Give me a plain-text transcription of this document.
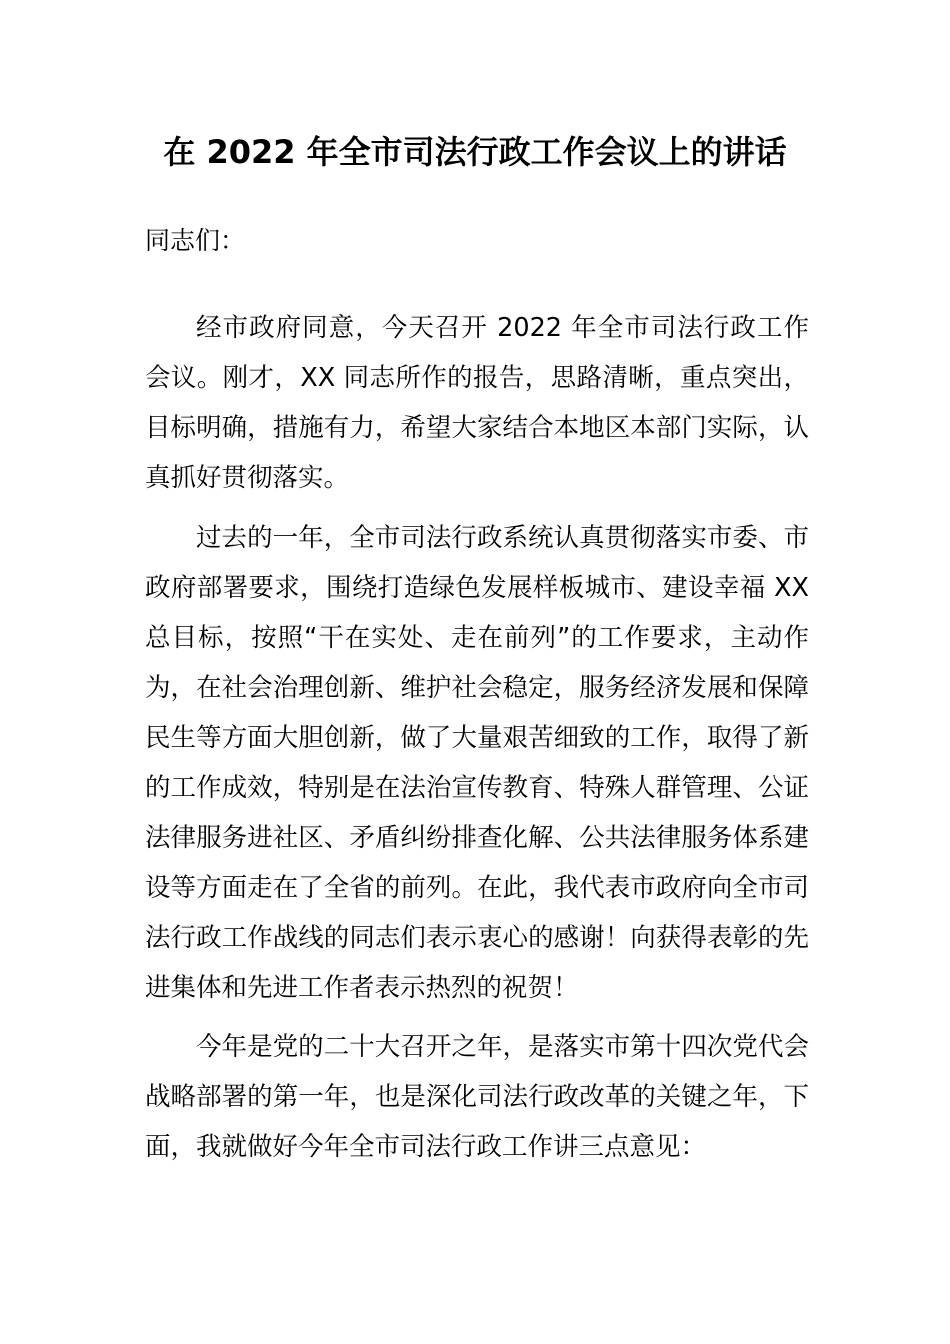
在 2022 年全市司法行政工作会议上的讲话

同志们：

经市政府同意，今天召开 2022 年全市司法行政工作会议。刚才，XX 同志所作的报告，思路清晰，重点突出，目标明确，措施有力，希望大家结合本地区本部门实际，认真抓好贯彻落实。

过去的一年，全市司法行政系统认真贯彻落实市委、市政府部署要求，围绕打造绿色发展样板城市、建设幸福 XX 总目标，按照“干在实处、走在前列”的工作要求，主动作为，在社会治理创新、维护社会稳定，服务经济发展和保障民生等方面大胆创新，做了大量艰苦细致的工作，取得了新的工作成效，特别是在法治宣传教育、特殊人群管理、公证法律服务进社区、矛盾纠纷排查化解、公共法律服务体系建设等方面走在了全省的前列。在此，我代表市政府向全市司法行政工作战线的同志们表示衷心的感谢！向获得表彰的先进集体和先进工作者表示热烈的祝贺！

今年是党的二十大召开之年，是落实市第十四次党代会战略部署的第一年，也是深化司法行政改革的关键之年，下面，我就做好今年全市司法行政工作讲三点意见：
